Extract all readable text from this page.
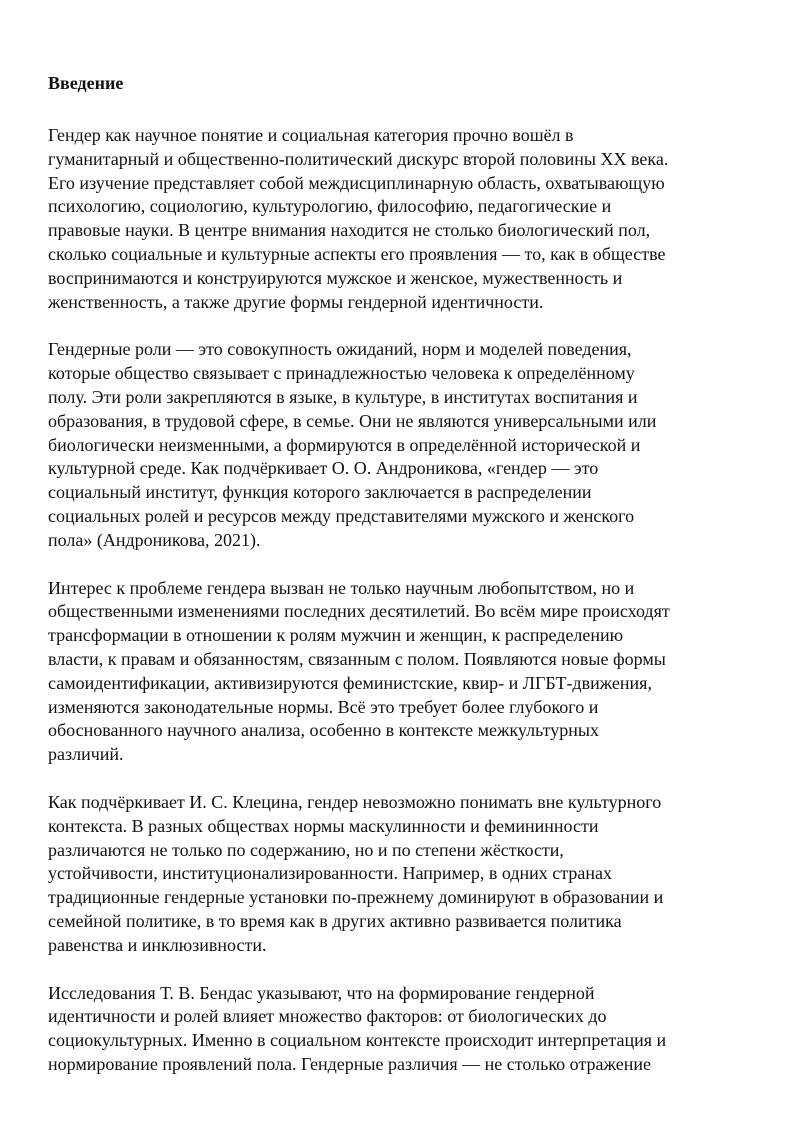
Введение

Гендер как научное понятие и социальная категория прочно вошёл в
гуманитарный и общественно-политический дискурс второй половины XX века.
Его изучение представляет собой междисциплинарную область, охватывающую
психологию, социологию, культурологию, философию, педагогические и
правовые науки. В центре внимания находится не столько биологический пол,
сколько социальные и культурные аспекты его проявления — то, как в обществе
воспринимаются и конструируются мужское и женское, мужественность и
женственность, а также другие формы гендерной идентичности.

Гендерные роли — это совокупность ожиданий, норм и моделей поведения,
которые общество связывает с принадлежностью человека к определённому
полу. Эти роли закрепляются в языке, в культуре, в институтах воспитания и
образования, в трудовой сфере, в семье. Они не являются универсальными или
биологически неизменными, а формируются в определённой исторической и
культурной среде. Как подчёркивает О. О. Андроникова, «гендер — это
социальный институт, функция которого заключается в распределении
социальных ролей и ресурсов между представителями мужского и женского
пола» (Андроникова, 2021).

Интерес к проблеме гендера вызван не только научным любопытством, но и
общественными изменениями последних десятилетий. Во всём мире происходят
трансформации в отношении к ролям мужчин и женщин, к распределению
власти, к правам и обязанностям, связанным с полом. Появляются новые формы
самоидентификации, активизируются феминистские, квир- и ЛГБТ-движения,
изменяются законодательные нормы. Всё это требует более глубокого и
обоснованного научного анализа, особенно в контексте межкультурных
различий.

Как подчёркивает И. С. Клецина, гендер невозможно понимать вне культурного
контекста. В разных обществах нормы маскулинности и фемининности
различаются не только по содержанию, но и по степени жёсткости,
устойчивости, институционализированности. Например, в одних странах
традиционные гендерные установки по-прежнему доминируют в образовании и
семейной политике, в то время как в других активно развивается политика
равенства и инклюзивности.

Исследования Т. В. Бендас указывают, что на формирование гендерной
идентичности и ролей влияет множество факторов: от биологических до
социокультурных. Именно в социальном контексте происходит интерпретация и
нормирование проявлений пола. Гендерные различия — не столько отражение
